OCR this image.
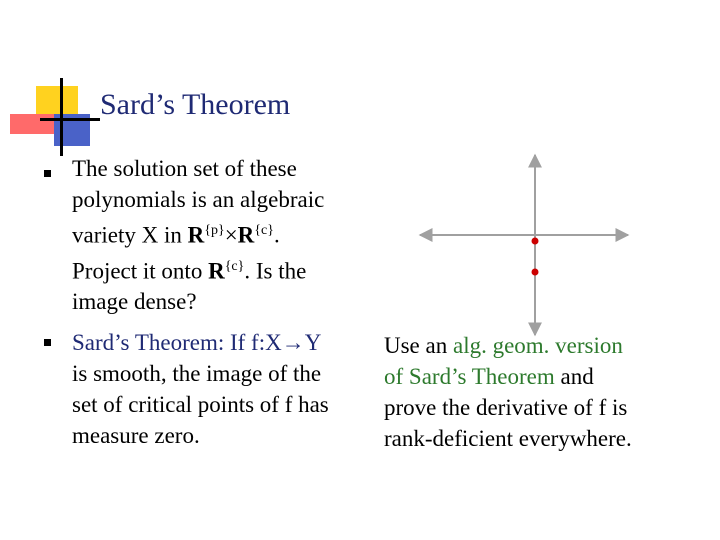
Sard’s Theorem
The solution set of these
polynomials is an algebraic
variety X in $R^{\{p\}}\times R^{\{c\}}$.
Project it onto $R^{\{c\}}$. Is the
image dense?
Sard’s Theorem: If f:X→Y
is smooth, the image of the
set of critical points of f has
measure zero.
Use an alg. geom. version
of Sard’s Theorem and
prove the derivative of f is
rank-deficient everywhere.
